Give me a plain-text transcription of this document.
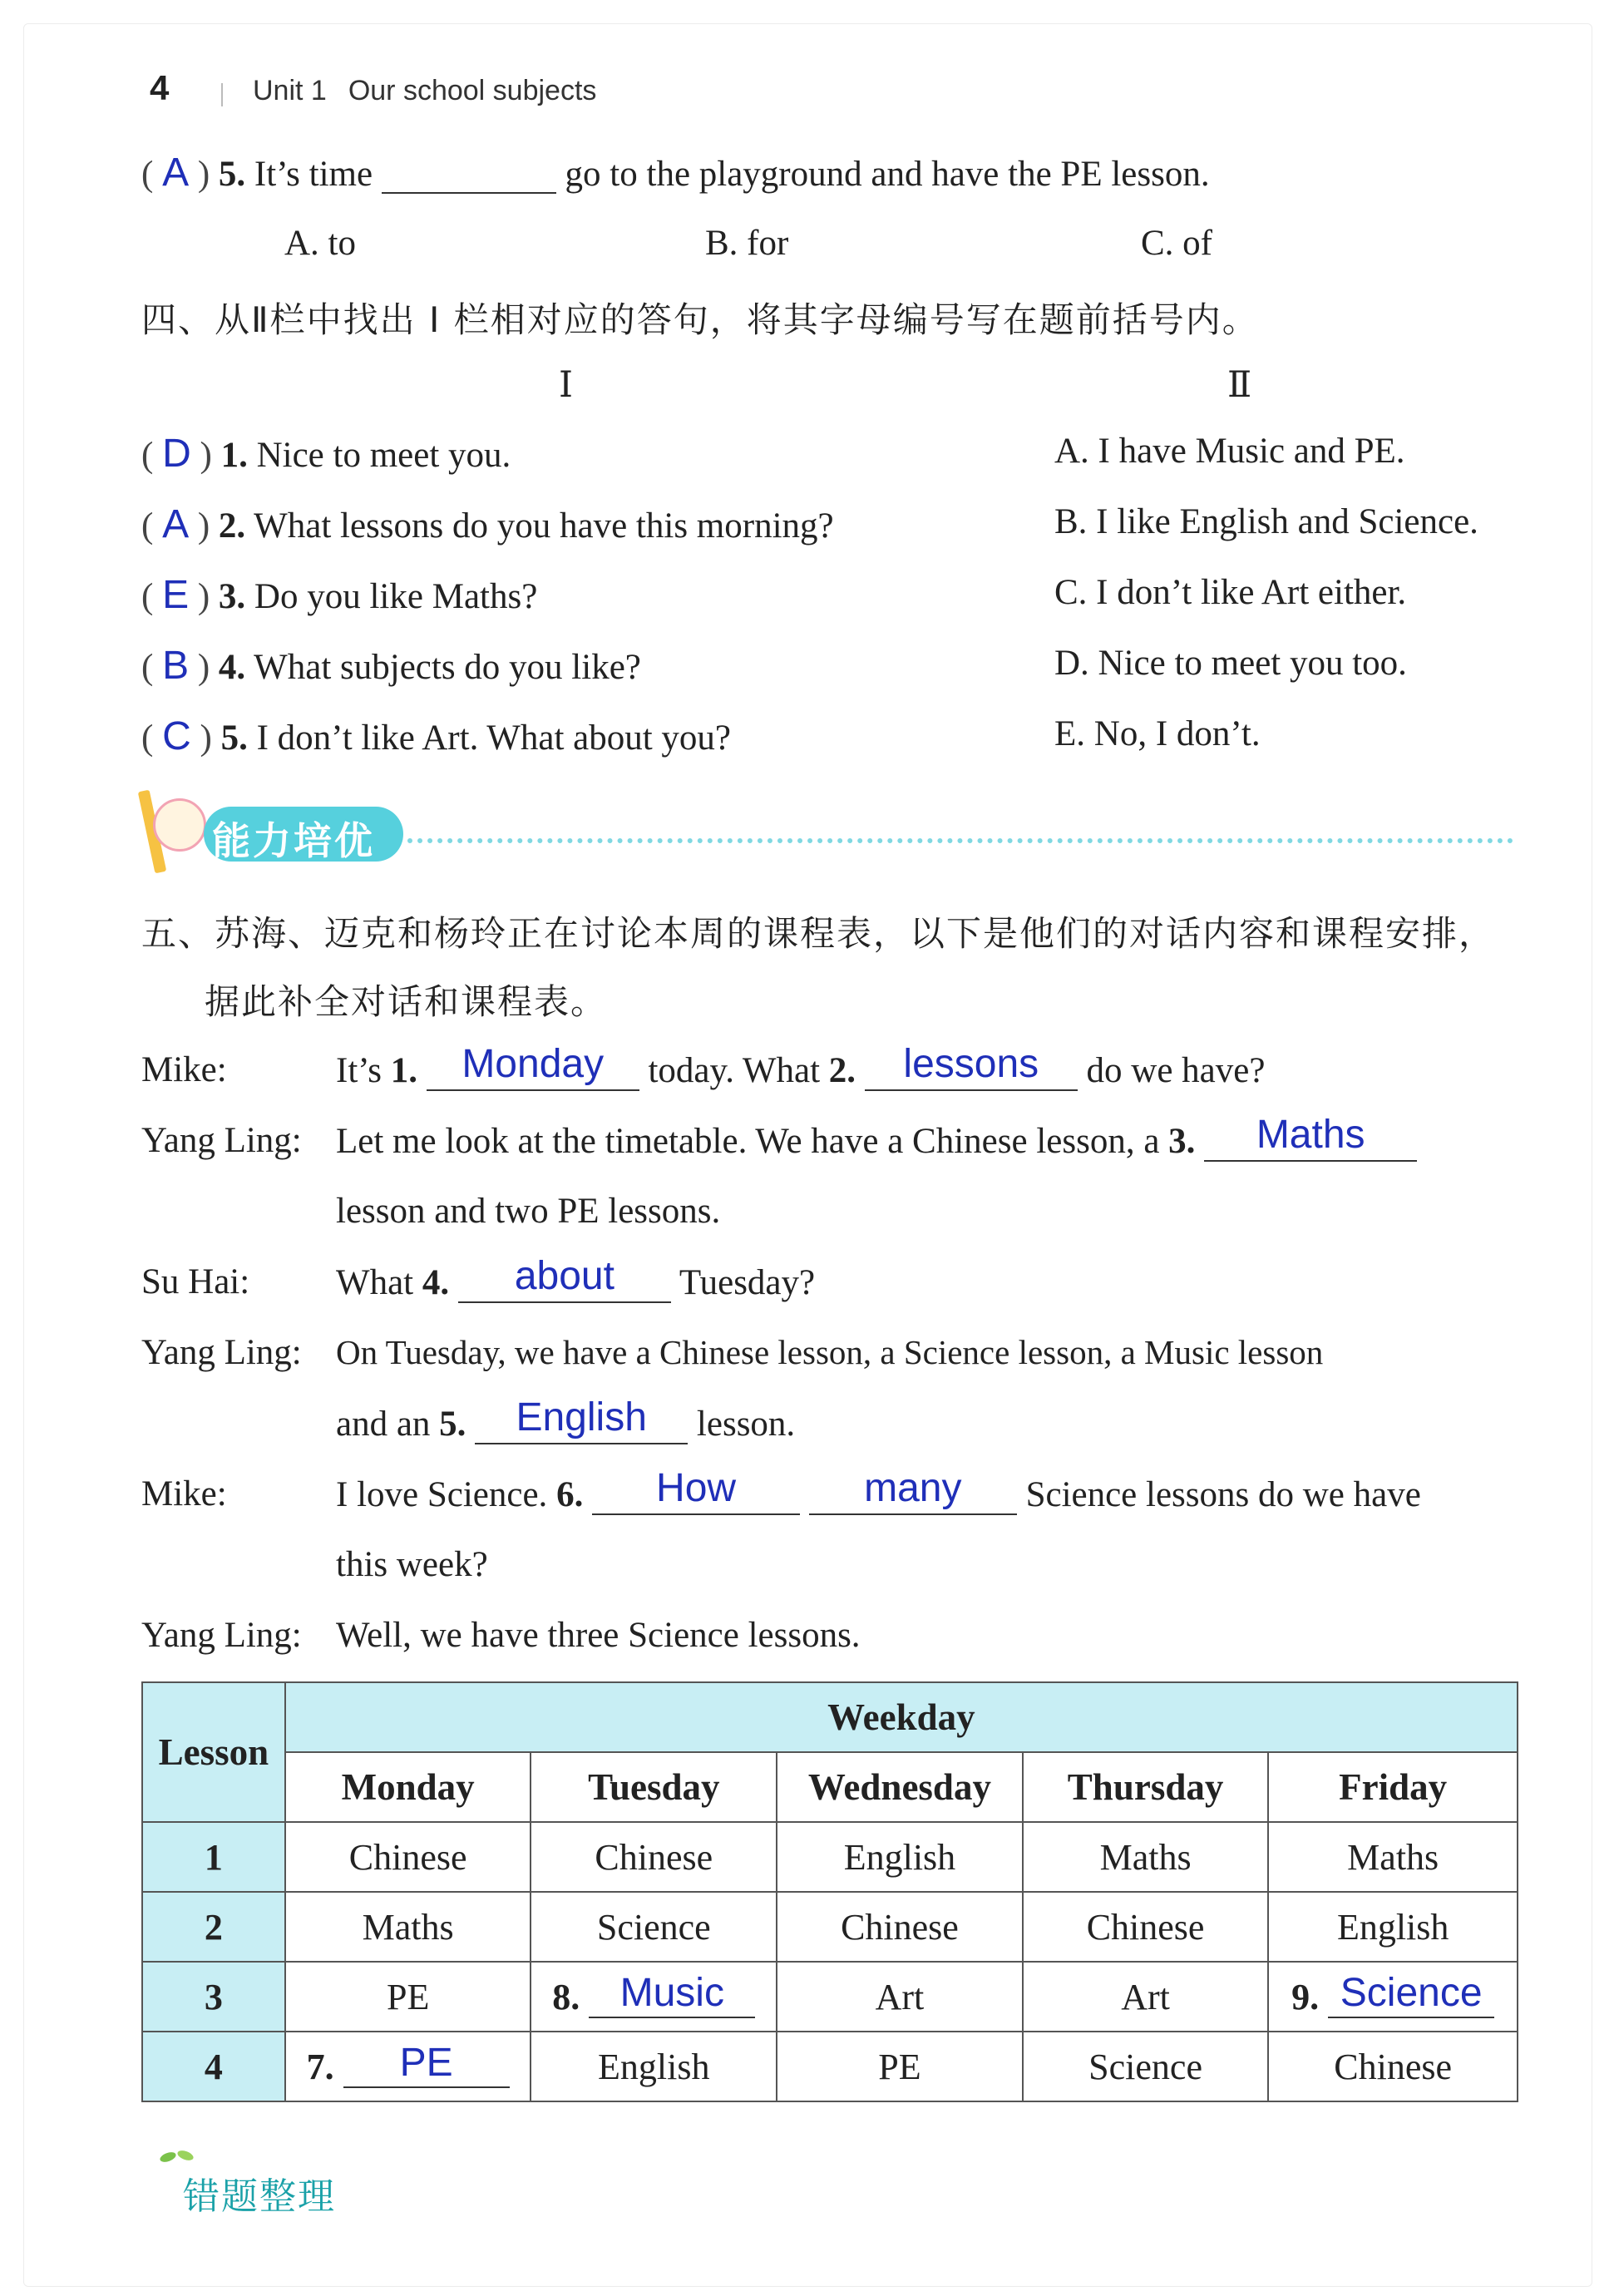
4	Unit 1 Our school subjects
( A ) 5. It’s time	go to the playground and have the PE lesson.
A. to	B. for	C. of
四、从Ⅱ栏中找出 Ⅰ 栏相对应的答句，将其字母编号写在题前括号内。
Ⅰ	Ⅱ
( D ) 1. Nice to meet you.	A. I have Music and PE.
( A ) 2. What lessons do you have this morning?	B. I like English and Science.
( E ) 3. Do you like Maths?	C. I don’t like Art either.
( B ) 4. What subjects do you like?	D. Nice to meet you too.
( C ) 5. I don’t like Art. What about you?	E. No, I don’t.
能力培优
五、苏海、迈克和杨玲正在讨论本周的课程表，以下是他们的对话内容和课程安排，
据此补全对话和课程表。
Mike:	It’s 1. Monday today. What 2. lessons do we have?
Yang Ling: Let me look at the timetable. We have a Chinese lesson, a 3. Maths
lesson and two PE lessons.
Su Hai: What 4. about Tuesday?
Yang Ling: On Tuesday, we have a Chinese lesson, a Science lesson, a Music lesson
and an 5. English lesson.
Mike:	I love Science. 6. How	many Science lessons do we have
this week?
Yang Ling: Well, we have three Science lessons.
Lesson	Weekday				
	Monday	Tuesday	Wednesday	Thursday	Friday
1	Chinese	Chinese	English	Maths	Maths
2	Maths	Science	Chinese	Chinese	English
3	PE	8. Music	Art	Art	9. Science
4	7. PE	English	PE	Science	Chinese
错题整理
